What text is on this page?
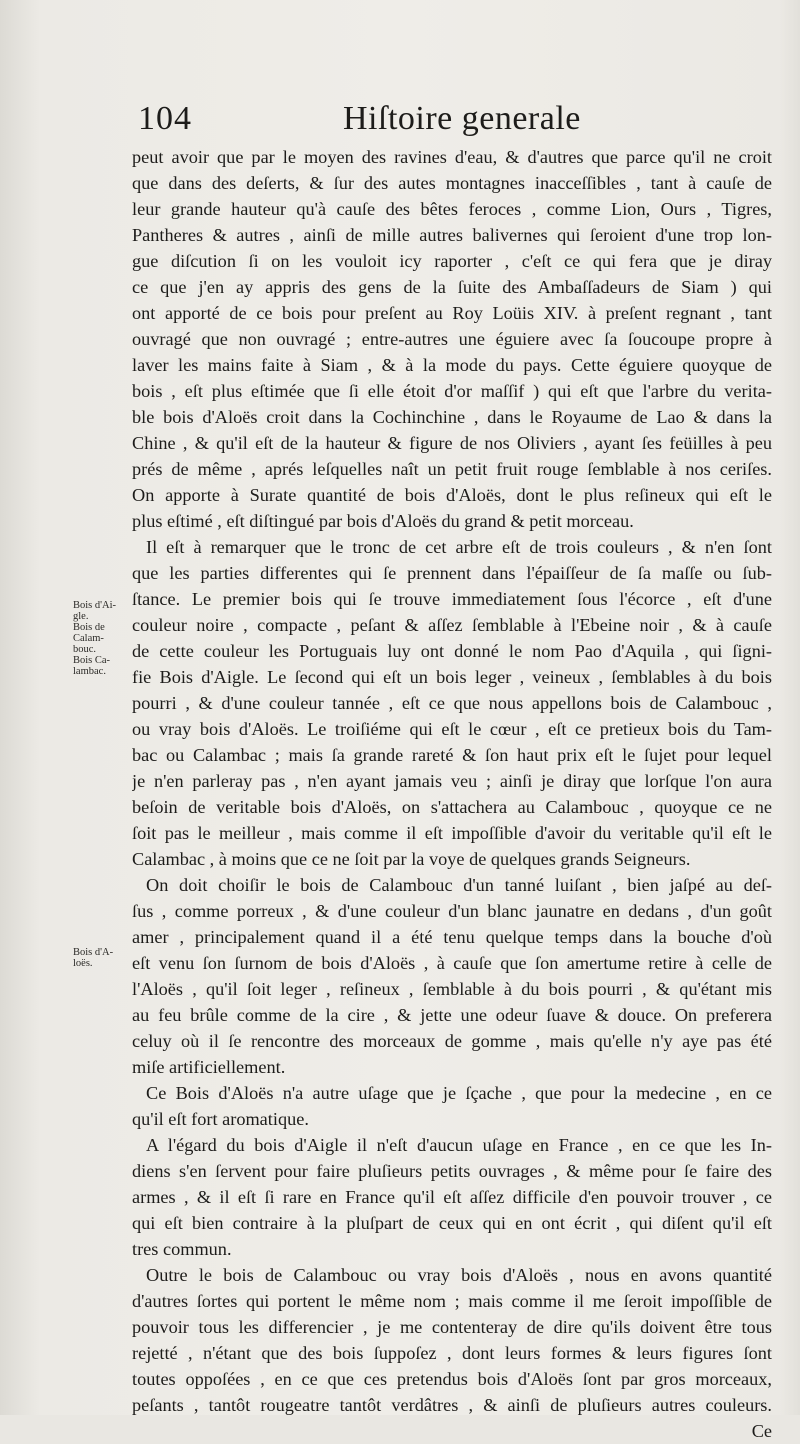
104	Hiſtoire generale
Bois d'Ai-
gle.
Bois de
Calam-
bouc.
Bois Ca-
lambac.
Bois d'A-
loës.
peut avoir que par le moyen des ravines d'eau, & d'autres que parce qu'il ne croit
que dans des deſerts, & ſur des autes montagnes inacceſſibles , tant à cauſe de
leur grande hauteur qu'à cauſe des bêtes feroces , comme Lion, Ours , Tigres,
Pantheres & autres , ainſi de mille autres balivernes qui ſeroient d'une trop lon-
gue diſcution ſi on les vouloit icy raporter , c'eſt ce qui fera que je diray
ce que j'en ay appris des gens de la ſuite des Ambaſſadeurs de Siam ) qui
ont apporté de ce bois pour preſent au Roy Loüis XIV. à preſent regnant , tant
ouvragé que non ouvragé ; entre-autres une éguiere avec ſa ſoucoupe propre à
laver les mains faite à Siam , & à la mode du pays. Cette éguiere quoyque de
bois , eſt plus eſtimée que ſi elle étoit d'or maſſif ) qui eſt que l'arbre du verita-
ble bois d'Aloës croit dans la Cochinchine , dans le Royaume de Lao & dans la
Chine , & qu'il eſt de la hauteur & figure de nos Oliviers , ayant ſes feüilles à peu
prés de même , aprés leſquelles naît un petit fruit rouge ſemblable à nos ceriſes.
On apporte à Surate quantité de bois d'Aloës, dont le plus reſineux qui eſt le
plus eſtimé , eſt diſtingué par bois d'Aloës du grand & petit morceau.
Il eſt à remarquer que le tronc de cet arbre eſt de trois couleurs , & n'en ſont
que les parties differentes qui ſe prennent dans l'épaiſſeur de ſa maſſe ou ſub-
ſtance. Le premier bois qui ſe trouve immediatement ſous l'écorce , eſt d'une
couleur noire , compacte , peſant & aſſez ſemblable à l'Ebeine noir , & à cauſe
de cette couleur les Portuguais luy ont donné le nom Pao d'Aquila , qui ſigni-
fie Bois d'Aigle. Le ſecond qui eſt un bois leger , veineux , ſemblables à du bois
pourri , & d'une couleur tannée , eſt ce que nous appellons bois de Calambouc ,
ou vray bois d'Aloës. Le troiſiéme qui eſt le cœur , eſt ce pretieux bois du Tam-
bac ou Calambac ; mais ſa grande rareté & ſon haut prix eſt le ſujet pour lequel
je n'en parleray pas , n'en ayant jamais veu ; ainſi je diray que lorſque l'on aura
beſoin de veritable bois d'Aloës, on s'attachera au Calambouc , quoyque ce ne
ſoit pas le meilleur , mais comme il eſt impoſſible d'avoir du veritable qu'il eſt le
Calambac , à moins que ce ne ſoit par la voye de quelques grands Seigneurs.
On doit choiſir le bois de Calambouc d'un tanné luiſant , bien jaſpé au deſ-
ſus , comme porreux , & d'une couleur d'un blanc jaunatre en dedans , d'un goût
amer , principalement quand il a été tenu quelque temps dans la bouche d'où
eſt venu ſon ſurnom de bois d'Aloës , à cauſe que ſon amertume retire à celle de
l'Aloës , qu'il ſoit leger , reſineux , ſemblable à du bois pourri , & qu'étant mis
au feu brûle comme de la cire , & jette une odeur ſuave & douce. On preferera
celuy où il ſe rencontre des morceaux de gomme , mais qu'elle n'y aye pas été
miſe artificiellement.
Ce Bois d'Aloës n'a autre uſage que je ſçache , que pour la medecine , en ce
qu'il eſt fort aromatique.
A l'égard du bois d'Aigle il n'eſt d'aucun uſage en France , en ce que les In-
diens s'en ſervent pour faire pluſieurs petits ouvrages , & même pour ſe faire des
armes , & il eſt ſi rare en France qu'il eſt aſſez difficile d'en pouvoir trouver , ce
qui eſt bien contraire à la pluſpart de ceux qui en ont écrit , qui diſent qu'il eſt
tres commun.
Outre le bois de Calambouc ou vray bois d'Aloës , nous en avons quantité
d'autres ſortes qui portent le même nom ; mais comme il me ſeroit impoſſible de
pouvoir tous les differencier , je me contenteray de dire qu'ils doivent être tous
rejetté , n'étant que des bois ſuppoſez , dont leurs formes & leurs figures ſont
toutes oppoſées , en ce que ces pretendus bois d'Aloës ſont par gros morceaux,
peſants , tantôt rougeatre tantôt verdâtres , & ainſi de pluſieurs autres couleurs.
Ce
